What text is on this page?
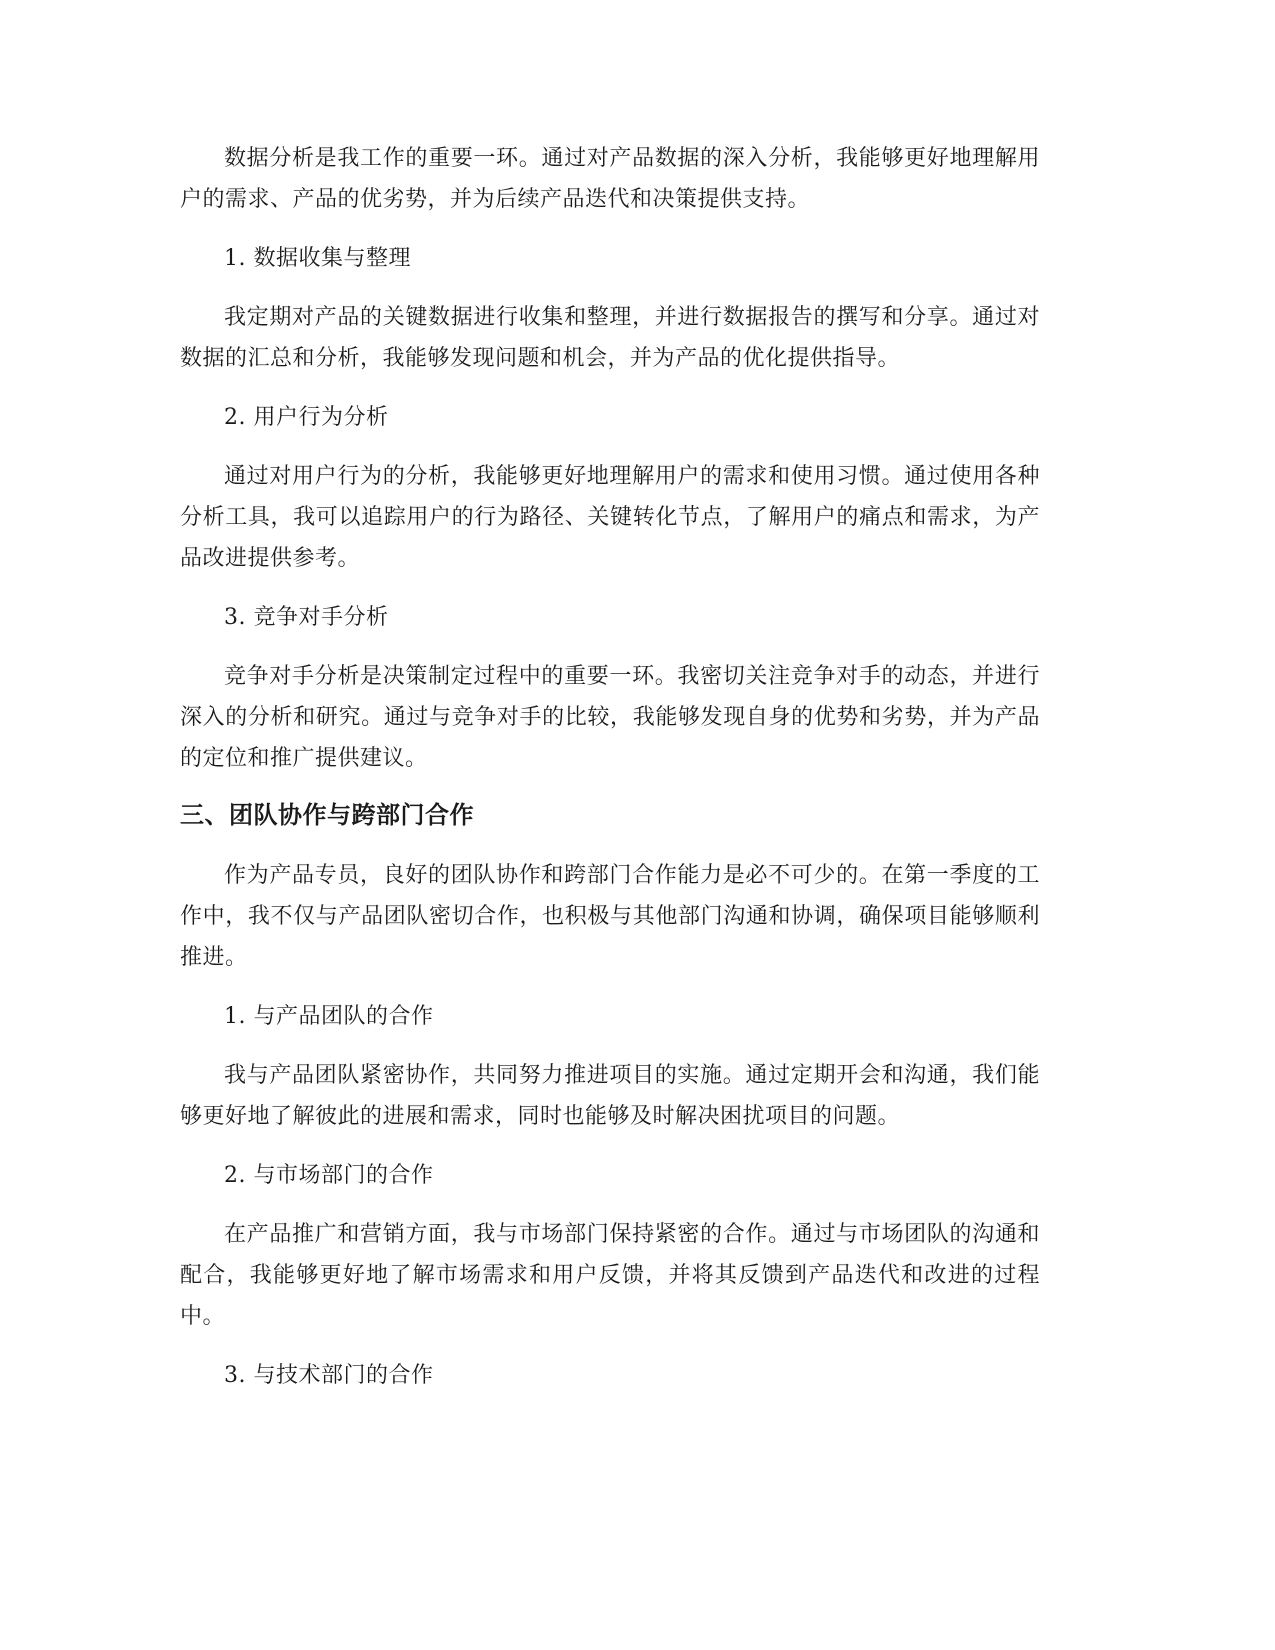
数据分析是我工作的重要一环。通过对产品数据的深入分析，我能够更好地理解用户的需求、产品的优劣势，并为后续产品迭代和决策提供支持。

1. 数据收集与整理

我定期对产品的关键数据进行收集和整理，并进行数据报告的撰写和分享。通过对数据的汇总和分析，我能够发现问题和机会，并为产品的优化提供指导。

2. 用户行为分析

通过对用户行为的分析，我能够更好地理解用户的需求和使用习惯。通过使用各种分析工具，我可以追踪用户的行为路径、关键转化节点，了解用户的痛点和需求，为产品改进提供参考。

3. 竞争对手分析

竞争对手分析是决策制定过程中的重要一环。我密切关注竞争对手的动态，并进行深入的分析和研究。通过与竞争对手的比较，我能够发现自身的优势和劣势，并为产品的定位和推广提供建议。

三、团队协作与跨部门合作

作为产品专员，良好的团队协作和跨部门合作能力是必不可少的。在第一季度的工作中，我不仅与产品团队密切合作，也积极与其他部门沟通和协调，确保项目能够顺利推进。

1. 与产品团队的合作

我与产品团队紧密协作，共同努力推进项目的实施。通过定期开会和沟通，我们能够更好地了解彼此的进展和需求，同时也能够及时解决困扰项目的问题。

2. 与市场部门的合作

在产品推广和营销方面，我与市场部门保持紧密的合作。通过与市场团队的沟通和配合，我能够更好地了解市场需求和用户反馈，并将其反馈到产品迭代和改进的过程中。

3. 与技术部门的合作
